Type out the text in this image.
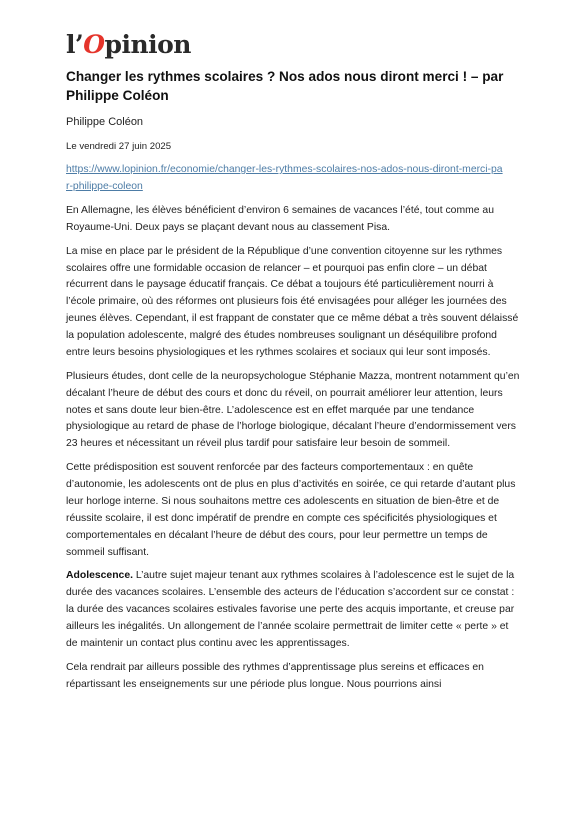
l’Opinion
Changer les rythmes scolaires ? Nos ados nous diront merci ! – par Philippe Coléon
Philippe Coléon
Le vendredi 27 juin 2025
https://www.lopinion.fr/economie/changer-les-rythmes-scolaires-nos-ados-nous-diront-merci-par-philippe-coleon

En Allemagne, les élèves bénéficient d’environ 6 semaines de vacances l’été, tout comme au Royaume-Uni. Deux pays se plaçant devant nous au classement Pisa.

La mise en place par le président de la République d’une convention citoyenne sur les rythmes scolaires offre une formidable occasion de relancer – et pourquoi pas enfin clore – un débat récurrent dans le paysage éducatif français. Ce débat a toujours été particulièrement nourri à l’école primaire, où des réformes ont plusieurs fois été envisagées pour alléger les journées des jeunes élèves. Cependant, il est frappant de constater que ce même débat a très souvent délaissé la population adolescente, malgré des études nombreuses soulignant un déséquilibre profond entre leurs besoins physiologiques et les rythmes scolaires et sociaux qui leur sont imposés.

Plusieurs études, dont celle de la neuropsychologue Stéphanie Mazza, montrent notamment qu’en décalant l’heure de début des cours et donc du réveil, on pourrait améliorer leur attention, leurs notes et sans doute leur bien-être. L’adolescence est en effet marquée par une tendance physiologique au retard de phase de l’horloge biologique, décalant l’heure d’endormissement vers 23 heures et nécessitant un réveil plus tardif pour satisfaire leur besoin de sommeil.

Cette prédisposition est souvent renforcée par des facteurs comportementaux : en quête d’autonomie, les adolescents ont de plus en plus d’activités en soirée, ce qui retarde d’autant plus leur horloge interne. Si nous souhaitons mettre ces adolescents en situation de bien-être et de réussite scolaire, il est donc impératif de prendre en compte ces spécificités physiologiques et comportementales en décalant l’heure de début des cours, pour leur permettre un temps de sommeil suffisant.

Adolescence. L’autre sujet majeur tenant aux rythmes scolaires à l’adolescence est le sujet de la durée des vacances scolaires. L’ensemble des acteurs de l’éducation s’accordent sur ce constat : la durée des vacances scolaires estivales favorise une perte des acquis importante, et creuse par ailleurs les inégalités. Un allongement de l’année scolaire permettrait de limiter cette « perte » et de maintenir un contact plus continu avec les apprentissages.

Cela rendrait par ailleurs possible des rythmes d’apprentissage plus sereins et efficaces en répartissant les enseignements sur une période plus longue. Nous pourrions ainsi
